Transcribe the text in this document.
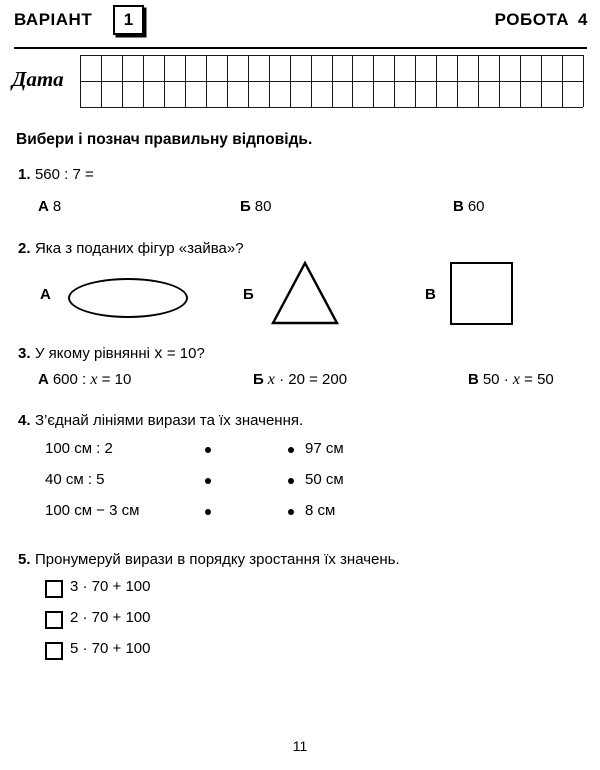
ВАРІАНТ	1	РОБОТА 4
Дата
Вибери і познач правильну відповідь.
1. 560 : 7 =
А 8	Б 80	В 60
2. Яка з поданих фігур «зайва»?
А	Б	В
3. У якому рівнянні x = 10?
А 600 : x = 10	Б x · 20 = 200	В 50 · x = 50
4. З’єднай лініями вирази та їх значення.
100 см : 2	97 см
40 см : 5	50 см
100 см − 3 см	8 см
5. Пронумеруй вирази в порядку зростання їх значень.
3 · 70 + 100
2 · 70 + 100
5 · 70 + 100
11
